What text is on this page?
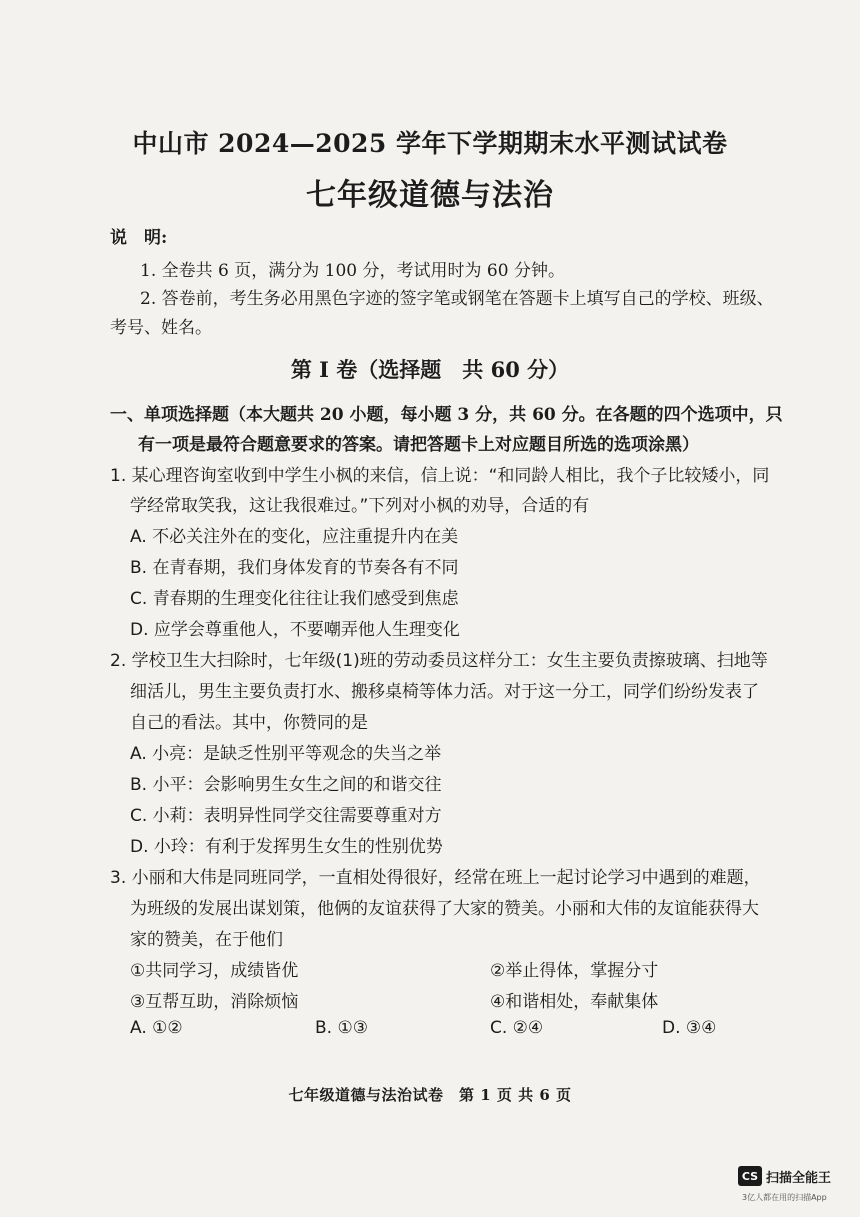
中山市 2024—2025 学年下学期期末水平测试试卷
七年级道德与法治
说　明:
1. 全卷共 6 页，满分为 100 分，考试用时为 60 分钟。
2. 答卷前，考生务必用黑色字迹的签字笔或钢笔在答题卡上填写自己的学校、班级、
考号、姓名。
第 I 卷（选择题　共 60 分）
一、单项选择题（本大题共 20 小题，每小题 3 分，共 60 分。在各题的四个选项中，只
有一项是最符合题意要求的答案。请把答题卡上对应题目所选的选项涂黑）
1. 某心理咨询室收到中学生小枫的来信，信上说：“和同龄人相比，我个子比较矮小，同
学经常取笑我，这让我很难过。”下列对小枫的劝导，合适的有
A. 不必关注外在的变化，应注重提升内在美
B. 在青春期，我们身体发育的节奏各有不同
C. 青春期的生理变化往往让我们感受到焦虑
D. 应学会尊重他人，不要嘲弄他人生理变化
2. 学校卫生大扫除时，七年级(1)班的劳动委员这样分工：女生主要负责擦玻璃、扫地等
细活儿，男生主要负责打水、搬移桌椅等体力活。对于这一分工，同学们纷纷发表了
自己的看法。其中，你赞同的是
A. 小亮：是缺乏性别平等观念的失当之举
B. 小平：会影响男生女生之间的和谐交往
C. 小莉：表明异性同学交往需要尊重对方
D. 小玲：有利于发挥男生女生的性别优势
3. 小丽和大伟是同班同学，一直相处得很好，经常在班上一起讨论学习中遇到的难题，
为班级的发展出谋划策，他俩的友谊获得了大家的赞美。小丽和大伟的友谊能获得大
家的赞美，在于他们
①共同学习，成绩皆优	②举止得体，掌握分寸
③互帮互助，消除烦恼	④和谐相处，奉献集体
A. ①②	B. ①③	C. ②④	D. ③④
七年级道德与法治试卷　第 1 页 共 6 页
CS 扫描全能王
3亿人都在用的扫描App
